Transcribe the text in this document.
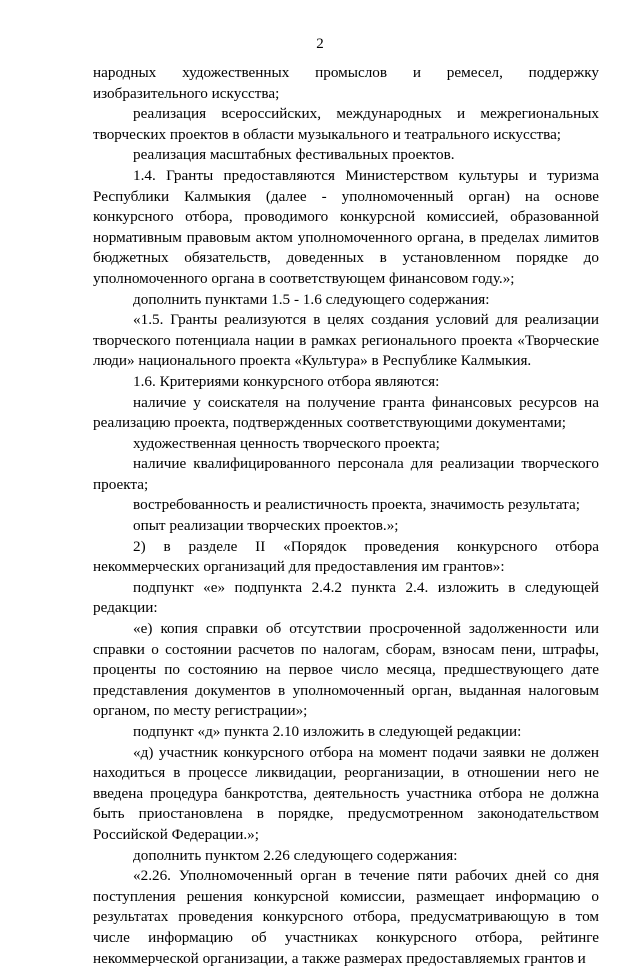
2

народных художественных промыслов и ремесел, поддержку изобразительного искусства;

реализация всероссийских, международных и межрегиональных творческих проектов в области музыкального и театрального искусства;

реализация масштабных фестивальных проектов.

1.4. Гранты предоставляются Министерством культуры и туризма Республики Калмыкия (далее - уполномоченный орган) на основе конкурсного отбора, проводимого конкурсной комиссией, образованной нормативным правовым актом уполномоченного органа, в пределах лимитов бюджетных обязательств, доведенных в установленном порядке до уполномоченного органа в соответствующем финансовом году.»;

дополнить пунктами 1.5 - 1.6 следующего содержания:

«1.5. Гранты реализуются в целях создания условий для реализации творческого потенциала нации в рамках регионального проекта «Творческие люди» национального проекта «Культура» в Республике Калмыкия.

1.6. Критериями конкурсного отбора являются:

наличие у соискателя на получение гранта финансовых ресурсов на реализацию проекта, подтвержденных соответствующими документами;

художественная ценность творческого проекта;

наличие квалифицированного персонала для реализации творческого проекта;

востребованность и реалистичность проекта, значимость результата;

опыт реализации творческих проектов.»;

2) в разделе II «Порядок проведения конкурсного отбора некоммерческих организаций для предоставления им грантов»:

подпункт «е» подпункта 2.4.2 пункта 2.4. изложить в следующей редакции:

«е) копия справки об отсутствии просроченной задолженности или справки о состоянии расчетов по налогам, сборам, взносам пени, штрафы, проценты по состоянию на первое число месяца, предшествующего дате представления документов в уполномоченный орган, выданная налоговым органом, по месту регистрации»;

подпункт «д» пункта 2.10 изложить в следующей редакции:

«д) участник конкурсного отбора на момент подачи заявки не должен находиться в процессе ликвидации, реорганизации, в отношении него не введена процедура банкротства, деятельность участника отбора не должна быть приостановлена в порядке, предусмотренном законодательством Российской Федерации.»;

дополнить пунктом 2.26 следующего содержания:

«2.26. Уполномоченный орган в течение пяти рабочих дней со дня поступления решения конкурсной комиссии, размещает информацию о результатах проведения конкурсного отбора, предусматривающую в том числе информацию об участниках конкурсного отбора, рейтинге некоммерческой организации, а также размерах предоставляемых грантов и
